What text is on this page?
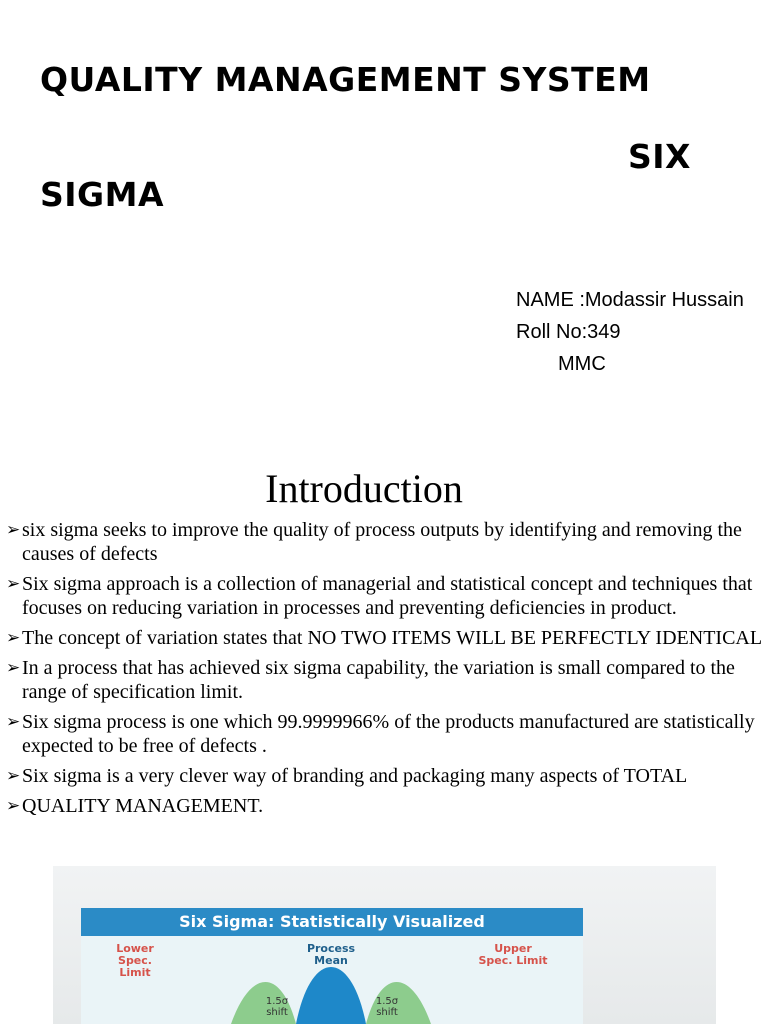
QUALITY MANAGEMENT SYSTEM
SIX
SIGMA
NAME :Modassir Hussain
Roll No:349
MMC
Introduction
➢ six sigma seeks to improve the quality of process outputs by identifying and removing the causes of defects
➢ Six sigma approach is a collection of managerial and statistical concept and techniques that focuses on reducing variation in processes and preventing deficiencies in product.
➢ The concept of variation states that NO TWO ITEMS WILL BE PERFECTLY IDENTICAL
➢ In a process that has achieved six sigma capability, the variation is small compared to the range of specification limit.
➢ Six sigma process is one which 99.9999966% of the products manufactured are statistically expected to be free of defects .
➢ Six sigma is a very clever way of branding and packaging many aspects of TOTAL
➢ QUALITY MANAGEMENT.
Six Sigma: Statistically Visualized
Lower
Spec. Limit
Process
Mean
Upper
Spec. Limit
1.5σ
shift
1.5σ
shift
